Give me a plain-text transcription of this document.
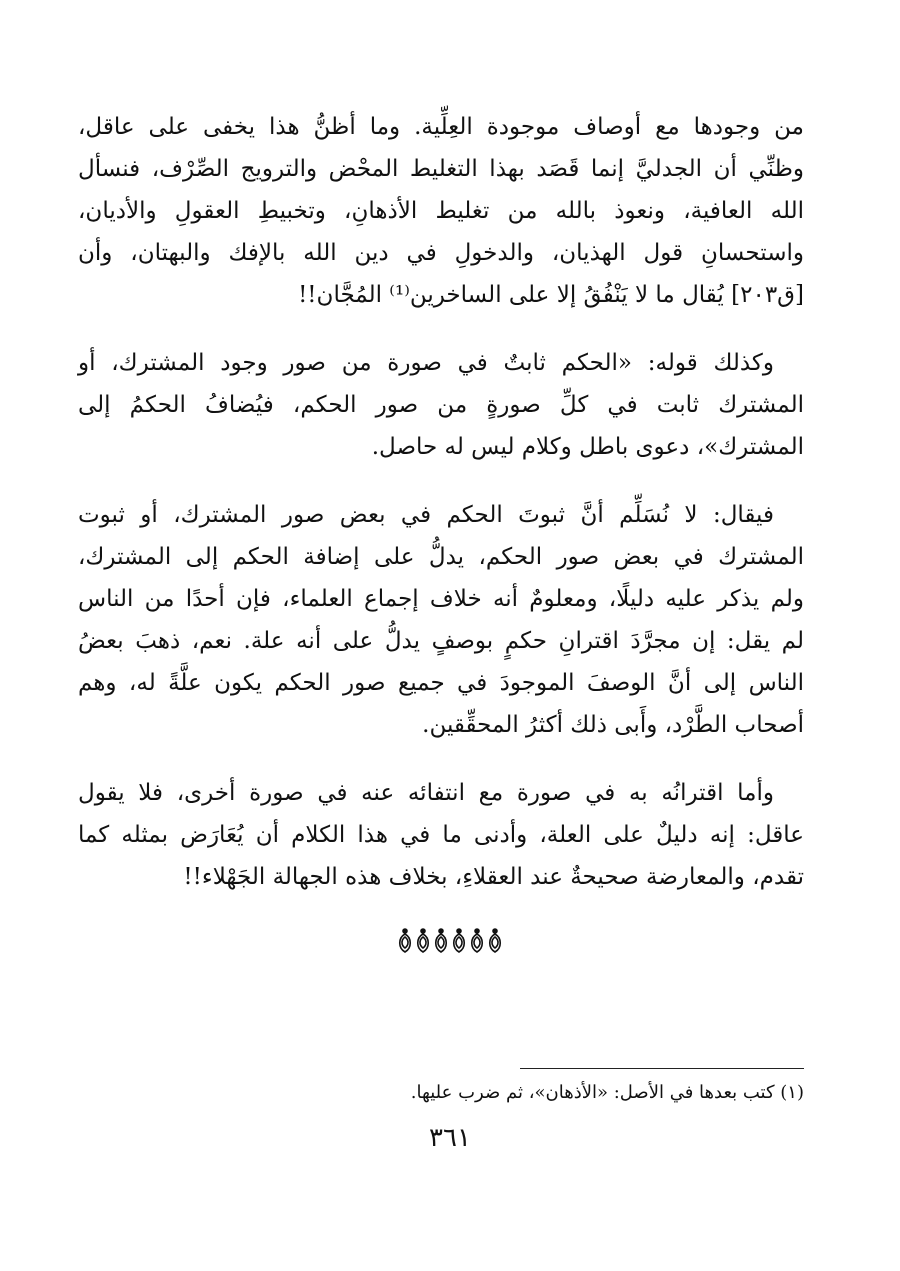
من وجودها مع أوصاف موجودة العِلِّية. وما أظنُّ هذا يخفى على عاقل،
وظنِّي أن الجدليَّ إنما قَصَد بهذا التغليط المحْض والترويج الصِّرْف، فنسأل
الله العافية، ونعوذ بالله من تغليط الأذهانِ، وتخبيطِ العقولِ والأديان،
واستحسانِ قول الهذيان، والدخولِ في دين الله بالإفك والبهتان، وأن
[ق٢٠٣] يُقال ما لا يَنْفُقُ إلا على الساخرين⁽¹⁾ المُجَّان!!

وكذلك قوله: «الحكم ثابتٌ في صورة من صور وجود المشترك، أو
المشترك ثابت في كلِّ صورةٍ من صور الحكم، فيُضافُ الحكمُ إلى
المشترك»، دعوى باطل وكلام ليس له حاصل.

فيقال: لا نُسَلِّم أنَّ ثبوتَ الحكم في بعض صور المشترك، أو ثبوت
المشترك في بعض صور الحكم، يدلُّ على إضافة الحكم إلى المشترك،
ولم يذكر عليه دليلًا، ومعلومٌ أنه خلاف إجماع العلماء، فإن أحدًا من الناس
لم يقل: إن مجرَّدَ اقترانِ حكمٍ بوصفٍ يدلُّ على أنه علة. نعم، ذهبَ بعضُ
الناس إلى أنَّ الوصفَ الموجودَ في جميع صور الحكم يكون علَّةً له، وهم
أصحاب الطَّرْد، وأَبى ذلك أكثرُ المحقِّقين.

وأما اقترانُه به في صورة مع انتفائه عنه في صورة أخرى، فلا يقول
عاقل: إنه دليلٌ على العلة، وأدنى ما في هذا الكلام أن يُعَارَض بمثله كما
تقدم، والمعارضة صحيحةٌ عند العقلاءِ، بخلاف هذه الجهالة الجَهْلاء!!

(١) كتب بعدها في الأصل: «الأذهان»، ثم ضرب عليها.
٣٦١
